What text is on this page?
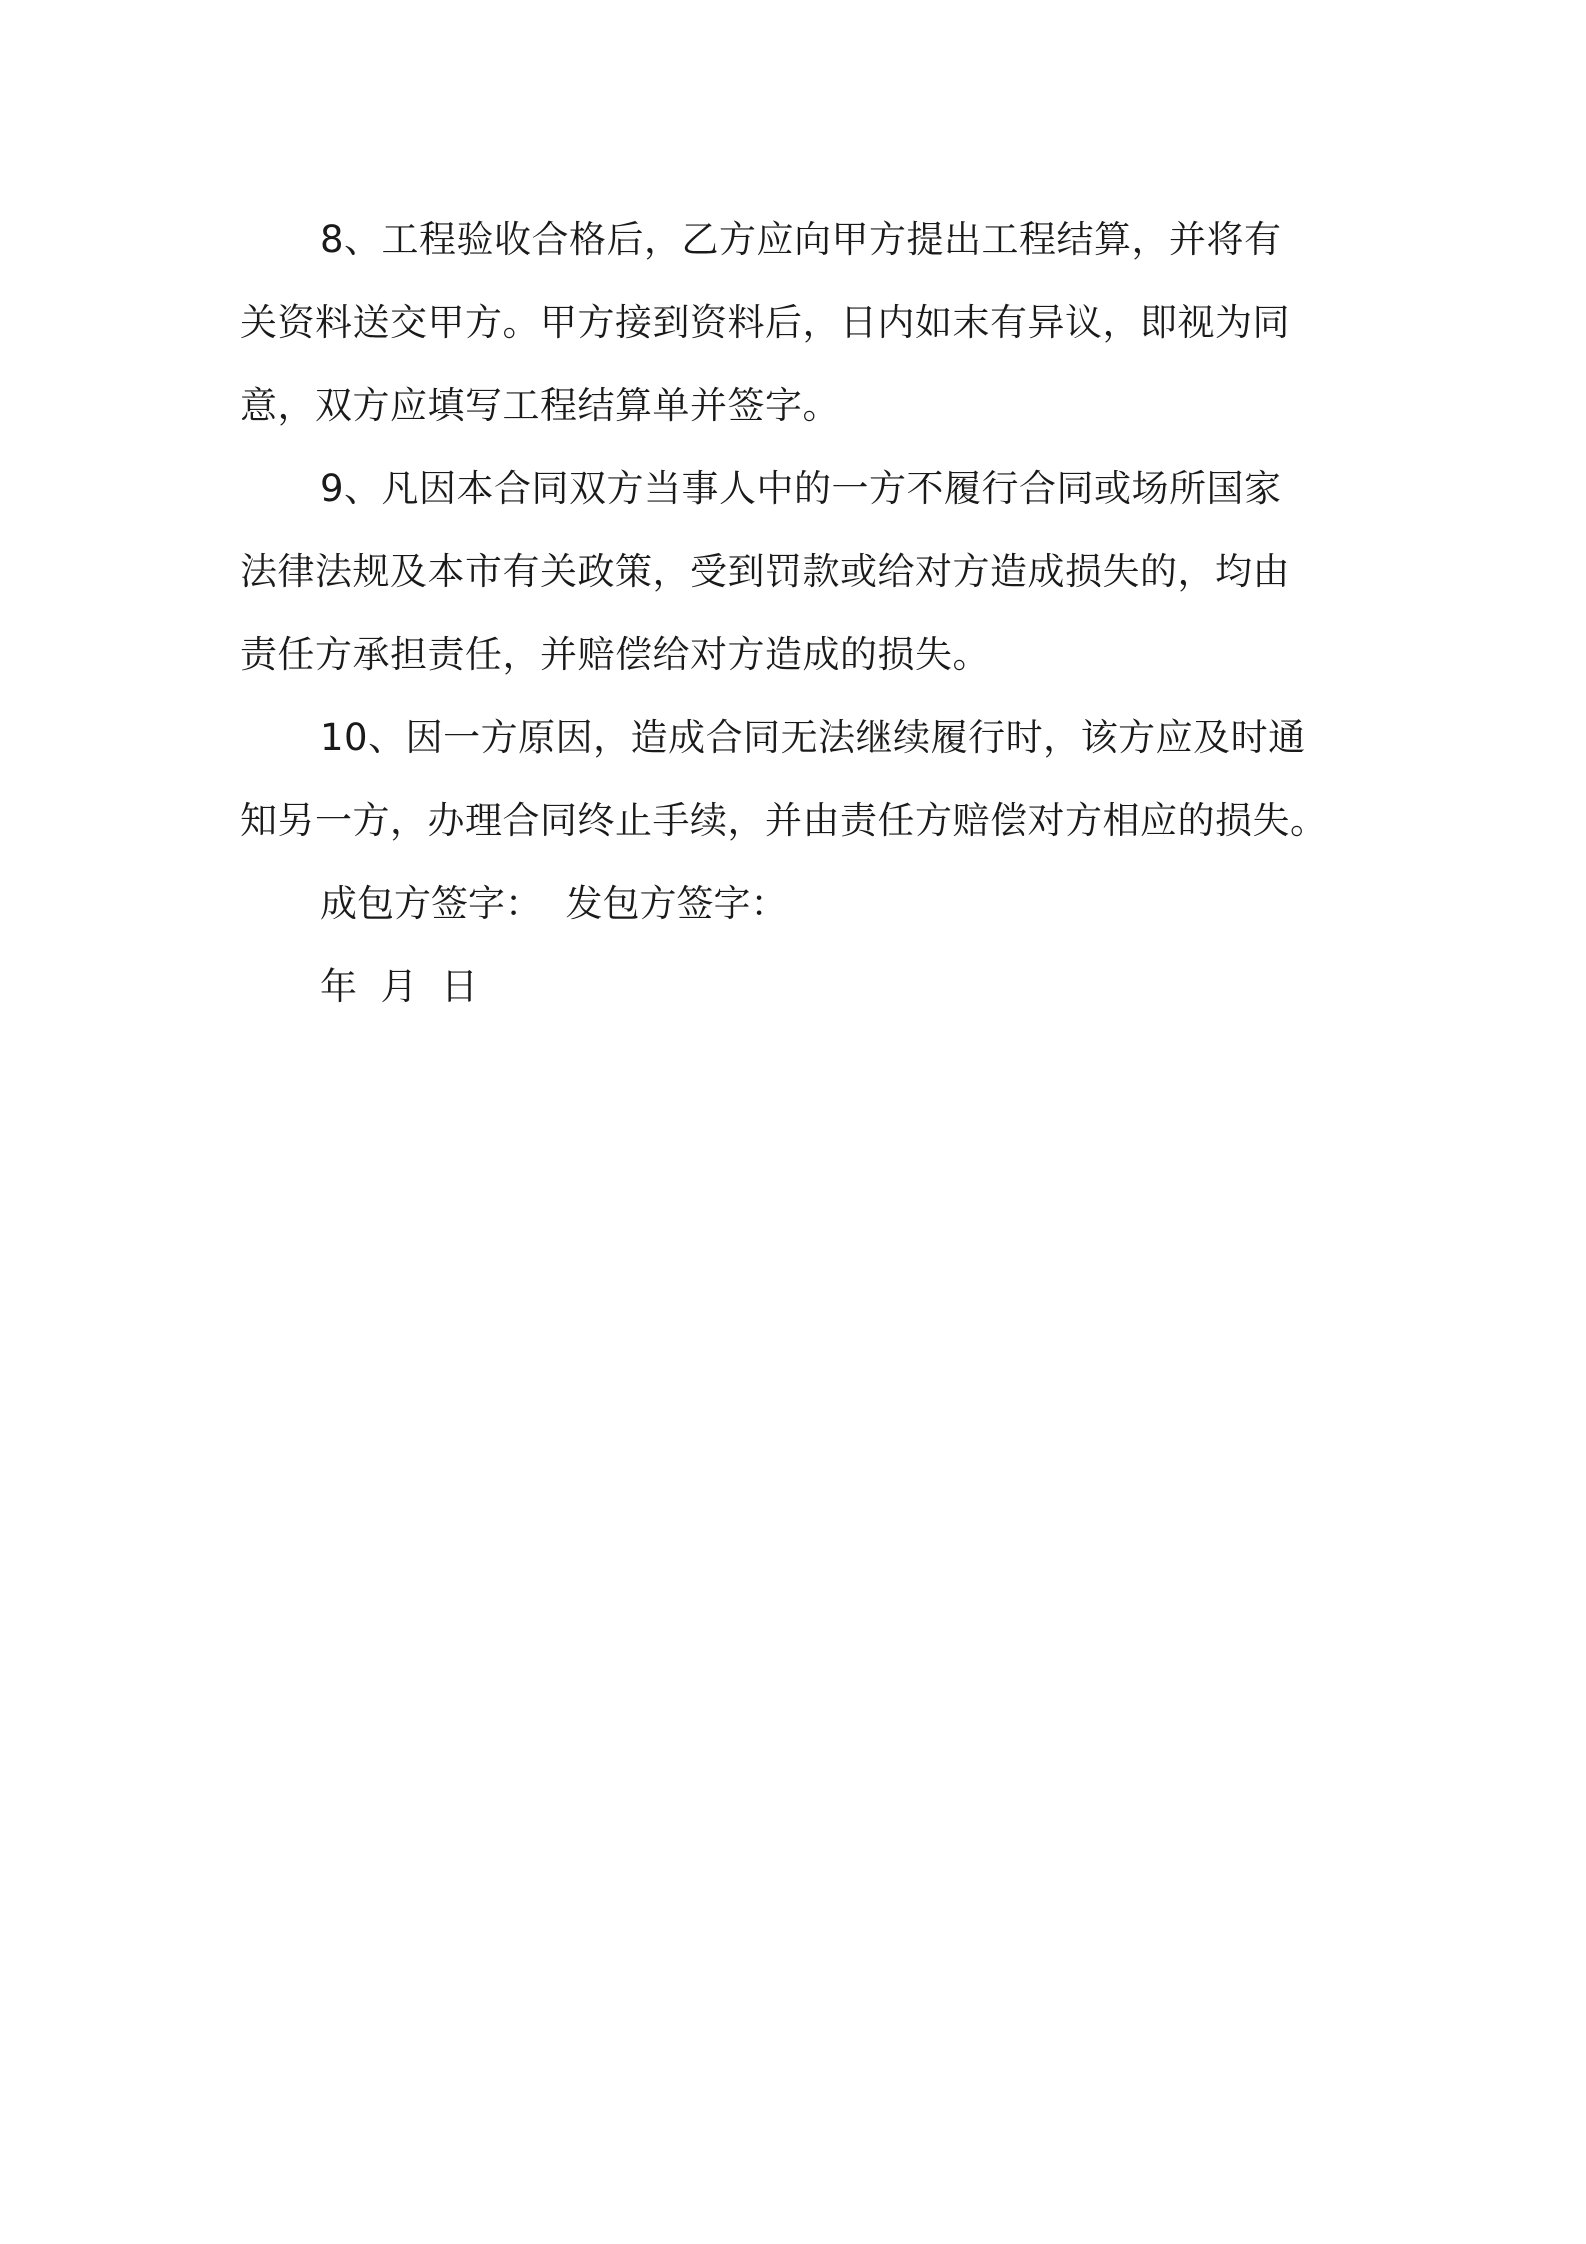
8、工程验收合格后，乙方应向甲方提出工程结算，并将有
关资料送交甲方。甲方接到资料后，日内如末有异议，即视为同
意，双方应填写工程结算单并签字。
9、凡因本合同双方当事人中的一方不履行合同或场所国家
法律法规及本市有关政策，受到罚款或给对方造成损失的，均由
责任方承担责任，并赔偿给对方造成的损失。
10、因一方原因，造成合同无法继续履行时，该方应及时通
知另一方，办理合同终止手续，并由责任方赔偿对方相应的损失。
成包方签字：  发包方签字：
年  月  日
